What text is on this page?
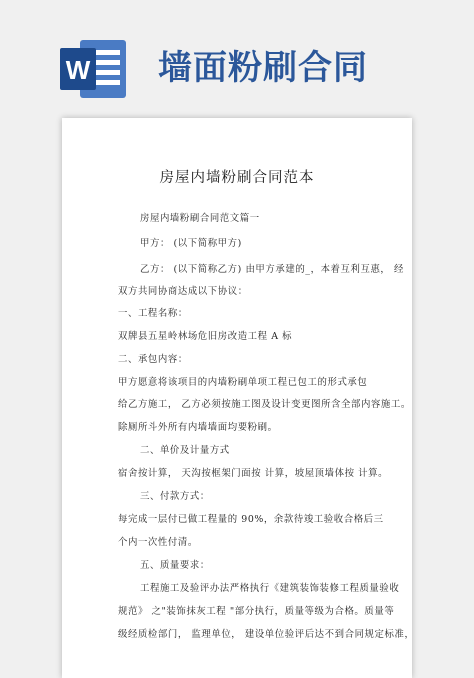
W 墙面粉刷合同
房屋内墙粉刷合同范本
房屋内墙粉刷合同范文篇一
甲方： (以下简称甲方)
乙方： (以下简称乙方) 由甲方承建的_，本着互利互惠， 经
双方共同协商达成以下协议：
一、工程名称：
双牌县五星岭林场危旧房改造工程 A 标
二、承包内容：
甲方愿意将该项目的内墙粉刷单项工程已包工的形式承包
给乙方施工， 乙方必须按施工图及设计变更图所含全部内容施工。
除厕所斗外所有内墙墙面均要粉刷。
二、单价及计量方式
宿舍按计算， 天沟按框架门面按 计算，坡屋顶墙体按 计算。
三、付款方式：
每完成一层付已做工程量的 90%，余款待竣工验收合格后三
个内一次性付清。
五、质量要求：
工程施工及验评办法严格执行《建筑装饰装修工程质量验收
规范》 之"装饰抹灰工程 "部分执行，质量等级为合格。质量等
级经质检部门， 监理单位， 建设单位验评后达不到合同规定标准，
